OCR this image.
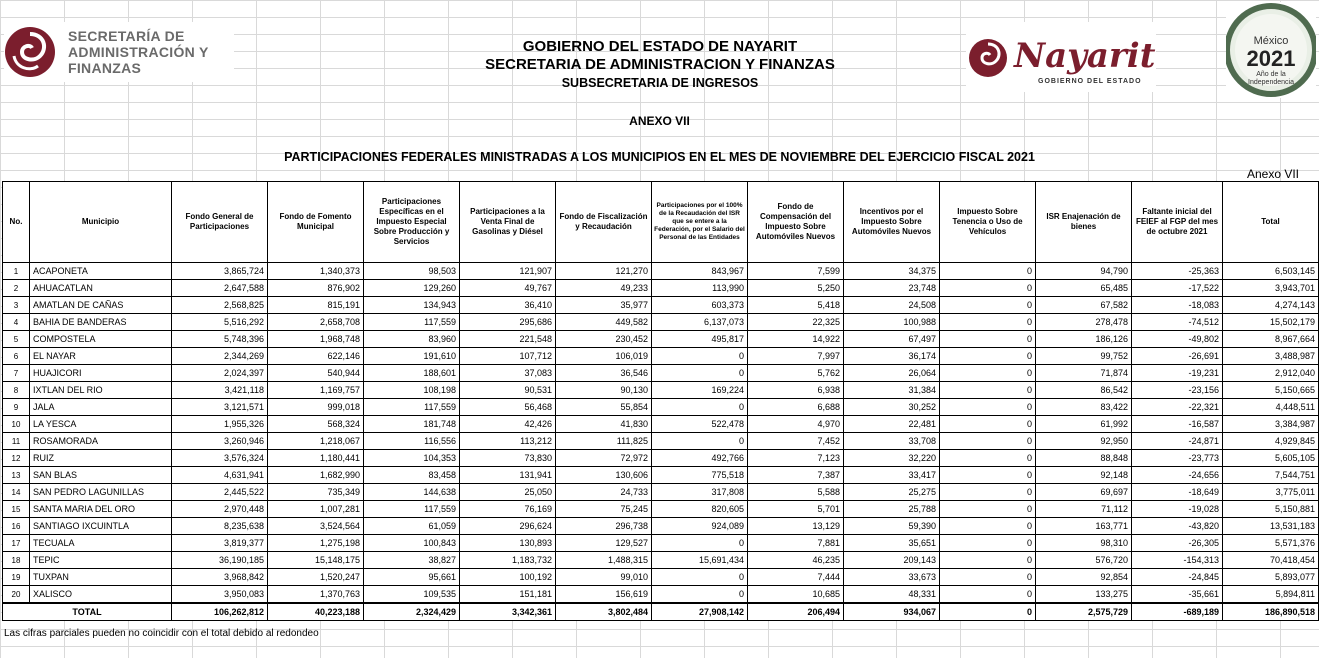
SECRETARÍA DE
ADMINISTRACIÓN Y
FINANZAS	Nayarit
GOBIERNO DEL ESTADO
México
2021
Año de la
Independencia
GOBIERNO DEL ESTADO DE NAYARIT
SECRETARIA DE ADMINISTRACION Y FINANZAS
SUBSECRETARIA DE INGRESOS
ANEXO VII
PARTICIPACIONES FEDERALES MINISTRADAS A LOS MUNICIPIOS EN EL MES DE NOVIEMBRE DEL EJERCICIO FISCAL 2021
Anexo VII
No.	Municipio	Fondo General de Participaciones	Fondo de Fomento Municipal	Participaciones Específicas en el Impuesto Especial Sobre Producción y Servicios	Participaciones a la Venta Final de Gasolinas y Diésel	Fondo de Fiscalización y Recaudación	Participaciones por el 100% de la Recaudación del ISR que se entere a la Federación, por el Salario del Personal de las Entidades	Fondo de Compensación del Impuesto Sobre Automóviles Nuevos	Incentivos por el Impuesto Sobre Automóviles Nuevos	Impuesto Sobre Tenencia o Uso de Vehículos	ISR Enajenación de bienes	Faltante inicial del FEIEF al FGP del mes de octubre 2021	Total
1	ACAPONETA	3,865,724	1,340,373	98,503	121,907	121,270	843,967	7,599	34,375	0	94,790	-25,363	6,503,145
2	AHUACATLAN	2,647,588	876,902	129,260	49,767	49,233	113,990	5,250	23,748	0	65,485	-17,522	3,943,701
3	AMATLAN DE CAÑAS	2,568,825	815,191	134,943	36,410	35,977	603,373	5,418	24,508	0	67,582	-18,083	4,274,143
4	BAHIA DE BANDERAS	5,516,292	2,658,708	117,559	295,686	449,582	6,137,073	22,325	100,988	0	278,478	-74,512	15,502,179
5	COMPOSTELA	5,748,396	1,968,748	83,960	221,548	230,452	495,817	14,922	67,497	0	186,126	-49,802	8,967,664
6	EL NAYAR	2,344,269	622,146	191,610	107,712	106,019	0	7,997	36,174	0	99,752	-26,691	3,488,987
7	HUAJICORI	2,024,397	540,944	188,601	37,083	36,546	0	5,762	26,064	0	71,874	-19,231	2,912,040
8	IXTLAN DEL RIO	3,421,118	1,169,757	108,198	90,531	90,130	169,224	6,938	31,384	0	86,542	-23,156	5,150,665
9	JALA	3,121,571	999,018	117,559	56,468	55,854	0	6,688	30,252	0	83,422	-22,321	4,448,511
10	LA YESCA	1,955,326	568,324	181,748	42,426	41,830	522,478	4,970	22,481	0	61,992	-16,587	3,384,987
11	ROSAMORADA	3,260,946	1,218,067	116,556	113,212	111,825	0	7,452	33,708	0	92,950	-24,871	4,929,845
12	RUIZ	3,576,324	1,180,441	104,353	73,830	72,972	492,766	7,123	32,220	0	88,848	-23,773	5,605,105
13	SAN BLAS	4,631,941	1,682,990	83,458	131,941	130,606	775,518	7,387	33,417	0	92,148	-24,656	7,544,751
14	SAN PEDRO LAGUNILLAS	2,445,522	735,349	144,638	25,050	24,733	317,808	5,588	25,275	0	69,697	-18,649	3,775,011
15	SANTA MARIA DEL ORO	2,970,448	1,007,281	117,559	76,169	75,245	820,605	5,701	25,788	0	71,112	-19,028	5,150,881
16	SANTIAGO IXCUINTLA	8,235,638	3,524,564	61,059	296,624	296,738	924,089	13,129	59,390	0	163,771	-43,820	13,531,183
17	TECUALA	3,819,377	1,275,198	100,843	130,893	129,527	0	7,881	35,651	0	98,310	-26,305	5,571,376
18	TEPIC	36,190,185	15,148,175	38,827	1,183,732	1,488,315	15,691,434	46,235	209,143	0	576,720	-154,313	70,418,454
19	TUXPAN	3,968,842	1,520,247	95,661	100,192	99,010	0	7,444	33,673	0	92,854	-24,845	5,893,077
20	XALISCO	3,950,083	1,370,763	109,535	151,181	156,619	0	10,685	48,331	0	133,275	-35,661	5,894,811
TOTAL		106,262,812	40,223,188	2,324,429	3,342,361	3,802,484	27,908,142	206,494	934,067	0	2,575,729	-689,189	186,890,518
Las cifras parciales pueden no coincidir con el total debido al redondeo
